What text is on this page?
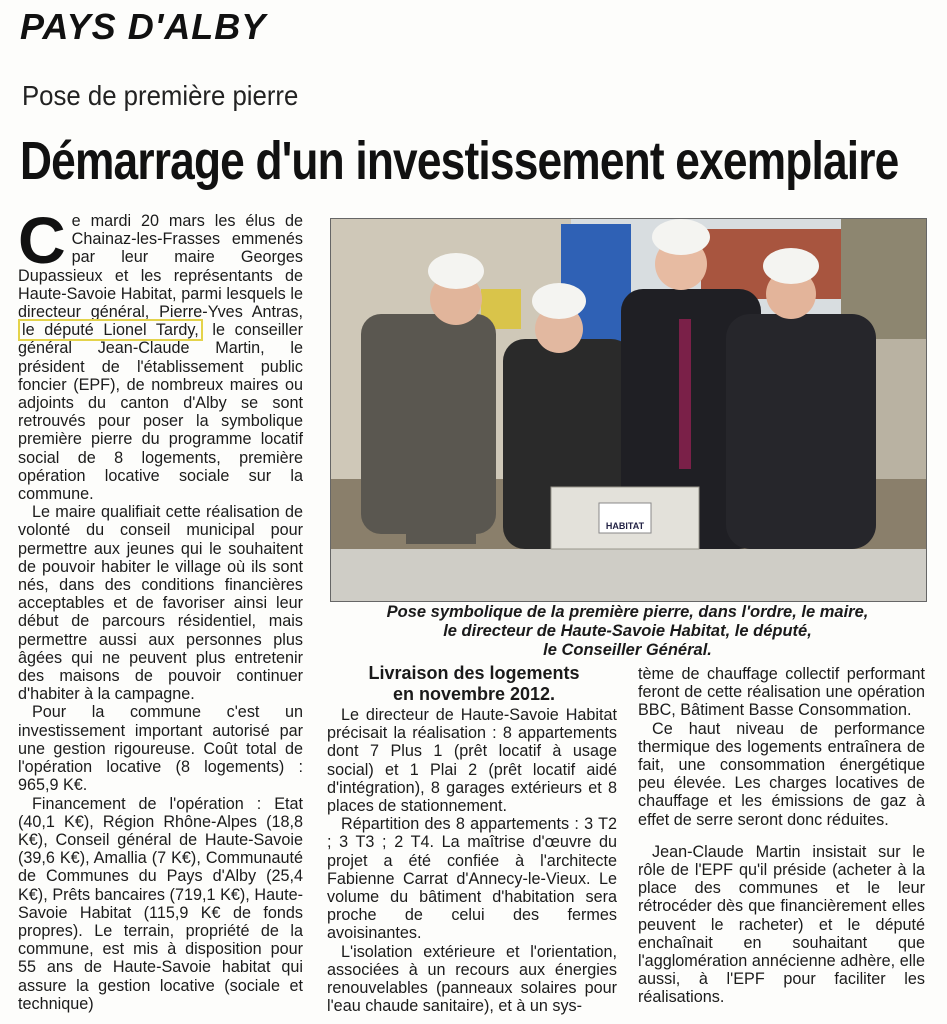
PAYS D'ALBY
Pose de première pierre
Démarrage d'un investissement exemplaire

Ce mardi 20 mars les élus de Chainaz-les-Frasses emmenés par leur maire Georges Dupassieux et les représentants de Haute-Savoie Habitat, parmi lesquels le directeur général, Pierre-Yves Antras, le député Lionel Tardy, le conseiller général Jean-Claude Martin, le président de l'établissement public foncier (EPF), de nombreux maires ou adjoints du canton d'Alby se sont retrouvés pour poser la symbolique première pierre du programme locatif social de 8 logements, première opération locative sociale sur la commune.

Le maire qualifiait cette réalisation de volonté du conseil municipal pour permettre aux jeunes qui le souhaitent de pouvoir habiter le village où ils sont nés, dans des conditions financières acceptables et de favoriser ainsi leur début de parcours résidentiel, mais permettre aussi aux personnes plus âgées qui ne peuvent plus entretenir des maisons de pouvoir continuer d'habiter à la campagne.

Pour la commune c'est un investissement important autorisé par une gestion rigoureuse. Coût total de l'opération locative (8 logements) : 965,9 K€.

Financement de l'opération : Etat (40,1 K€), Région Rhône-Alpes (18,8 K€), Conseil général de Haute-Savoie (39,6 K€), Amallia (7 K€), Communauté de Communes du Pays d'Alby (25,4 K€), Prêts bancaires (719,1 K€), Haute-Savoie Habitat (115,9 K€ de fonds propres). Le terrain, propriété de la commune, est mis à disposition pour 55 ans de Haute-Savoie habitat qui assure la gestion locative (sociale et technique)

HABITAT
Pose symbolique de la première pierre, dans l'ordre, le maire,
le directeur de Haute-Savoie Habitat, le député,
le Conseiller Général.
Livraison des logements
en novembre 2012.

Le directeur de Haute-Savoie Habitat précisait la réalisation : 8 appartements dont 7 Plus 1 (prêt locatif à usage social) et 1 Plai 2 (prêt locatif aidé d'intégration), 8 garages extérieurs et 8 places de stationnement.

Répartition des 8 appartements : 3 T2 ; 3 T3 ; 2 T4. La maîtrise d'œuvre du projet a été confiée à l'architecte Fabienne Carrat d'Annecy-le-Vieux. Le volume du bâtiment d'habitation sera proche de celui des fermes avoisinantes.

L'isolation extérieure et l'orientation, associées à un recours aux énergies renouvelables (panneaux solaires pour l'eau chaude sanitaire), et à un sys-

tème de chauffage collectif performant feront de cette réalisation une opération BBC, Bâtiment Basse Consommation.

Ce haut niveau de performance thermique des logements entraînera de fait, une consommation énergétique peu élevée. Les charges locatives de chauffage et les émissions de gaz à effet de serre seront donc réduites.

Jean-Claude Martin insistait sur le rôle de l'EPF qu'il préside (acheter à la place des communes et le leur rétrocéder dès que financièrement elles peuvent le racheter) et le député enchaînait en souhaitant que l'agglomération annécienne adhère, elle aussi, à l'EPF pour faciliter les réalisations.
